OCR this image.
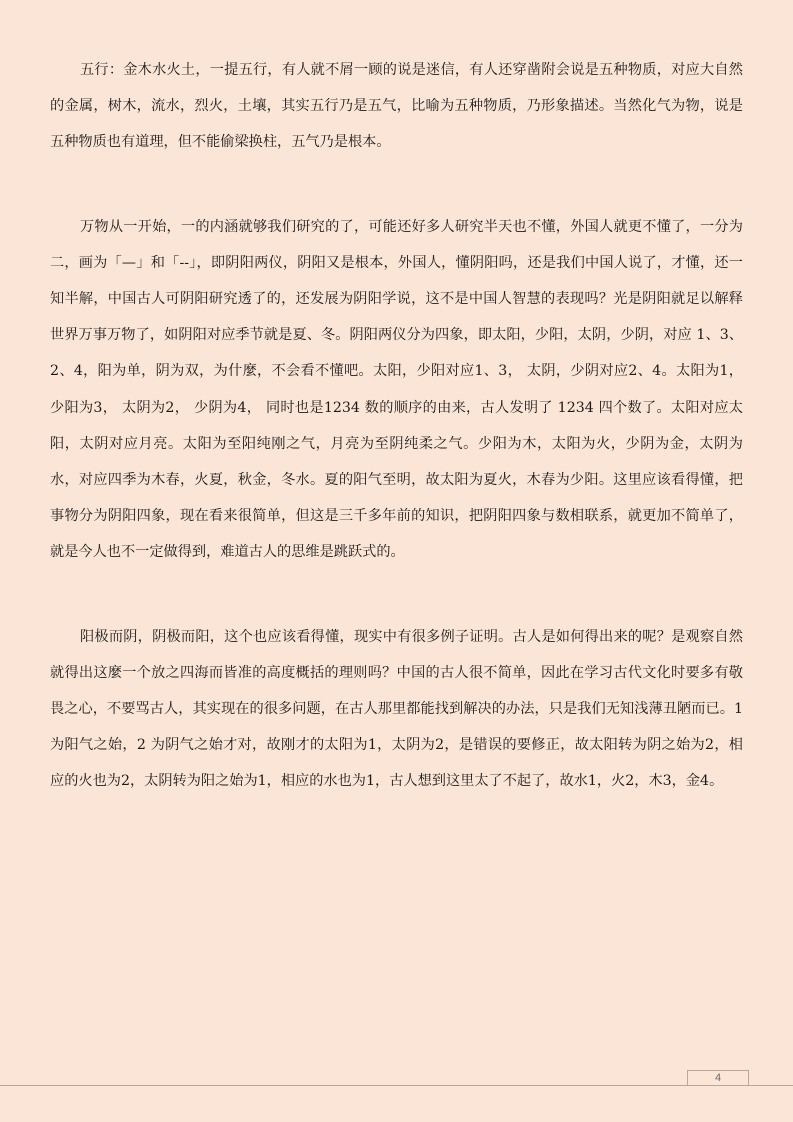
五行：金木水火土，一提五行，有人就不屑一顾的说是迷信，有人还穿凿附会说是五种物质，对应大自然的金属，树木，流水，烈火，土壤，其实五行乃是五气，比喻为五种物质，乃形象描述。当然化气为物，说是五种物质也有道理，但不能偷梁换柱，五气乃是根本。

万物从一开始，一的内涵就够我们研究的了，可能还好多人研究半天也不懂，外国人就更不懂了，一分为二，画为「—」和「--」，即阴阳两仪，阴阳又是根本，外国人，懂阴阳吗，还是我们中国人说了，才懂，还一知半解，中国古人可阴阳研究透了的，还发展为阴阳学说，这不是中国人智慧的表现吗？光是阴阳就足以解释世界万事万物了，如阴阳对应季节就是夏、冬。阴阳两仪分为四象，即太阳，少阳，太阴，少阴，对应 1、3、2、4，阳为单，阴为双，为什麼，不会看不懂吧。太阳，少阳对应1、3， 太阴，少阴对应2、4。太阳为1， 少阳为3， 太阴为2， 少阴为4， 同时也是1234 数的顺序的由来，古人发明了 1234 四个数了。太阳对应太阳，太阴对应月亮。太阳为至阳纯刚之气，月亮为至阴纯柔之气。少阳为木，太阳为火，少阴为金，太阴为水，对应四季为木春，火夏，秋金，冬水。夏的阳气至明，故太阳为夏火，木春为少阳。这里应该看得懂，把事物分为阴阳四象，现在看来很简单，但这是三千多年前的知识，把阴阳四象与数相联系，就更加不简单了，就是今人也不一定做得到，难道古人的思维是跳跃式的。

阳极而阴，阴极而阳，这个也应该看得懂，现实中有很多例子证明。古人是如何得出来的呢？是观察自然就得出这麼一个放之四海而皆准的高度概括的理则吗？中国的古人很不简单，因此在学习古代文化时要多有敬畏之心，不要骂古人，其实现在的很多问题，在古人那里都能找到解决的办法，只是我们无知浅薄丑陋而已。1 为阳气之始，2 为阴气之始才对，故刚才的太阳为1，太阴为2，是错误的要修正，故太阳转为阴之始为2，相应的火也为2，太阴转为阳之始为1，相应的水也为1，古人想到这里太了不起了，故水1，火2，木3，金4。

4
